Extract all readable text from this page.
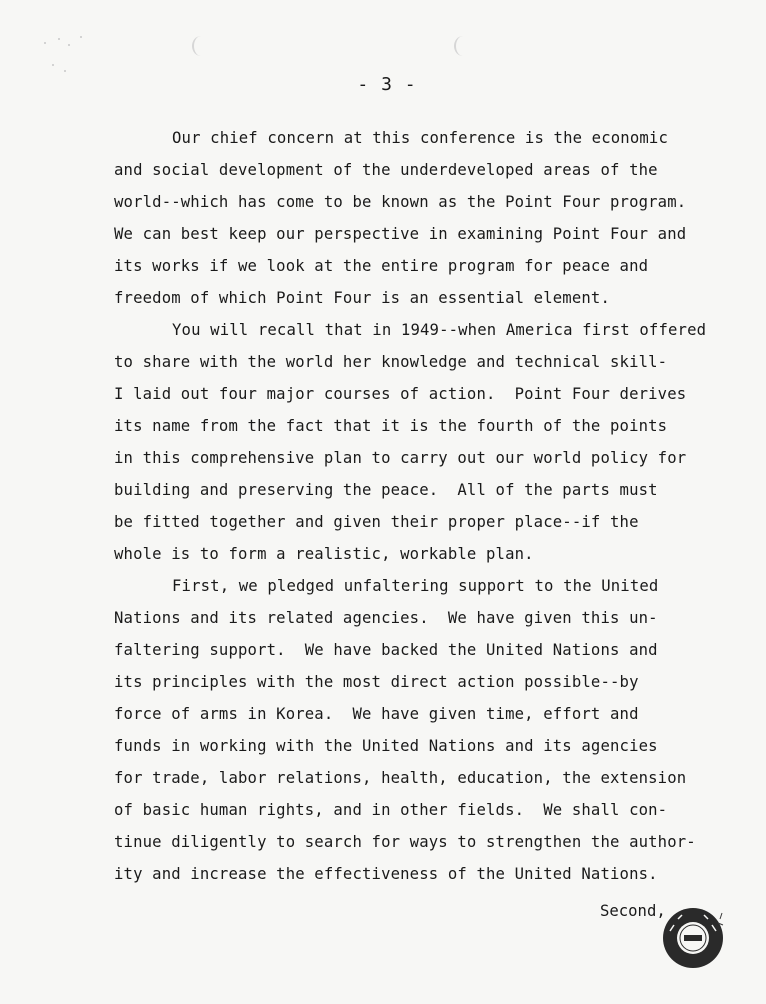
- 3 -
Our chief concern at this conference is the economic
and social development of the underdeveloped areas of the
world--which has come to be known as the Point Four program.
We can best keep our perspective in examining Point Four and
its works if we look at the entire program for peace and
freedom of which Point Four is an essential element.
You will recall that in 1949--when America first offered
to share with the world her knowledge and technical skill-
I laid out four major courses of action.  Point Four derives
its name from the fact that it is the fourth of the points
in this comprehensive plan to carry out our world policy for
building and preserving the peace.  All of the parts must
be fitted together and given their proper place--if the
whole is to form a realistic, workable plan.
First, we pledged unfaltering support to the United
Nations and its related agencies.  We have given this un-
faltering support.  We have backed the United Nations and
its principles with the most direct action possible--by
force of arms in Korea.  We have given time, effort and
funds in working with the United Nations and its agencies
for trade, labor relations, health, education, the extension
of basic human rights, and in other fields.  We shall con-
tinue diligently to search for ways to strengthen the author-
ity and increase the effectiveness of the United Nations.
Second,
